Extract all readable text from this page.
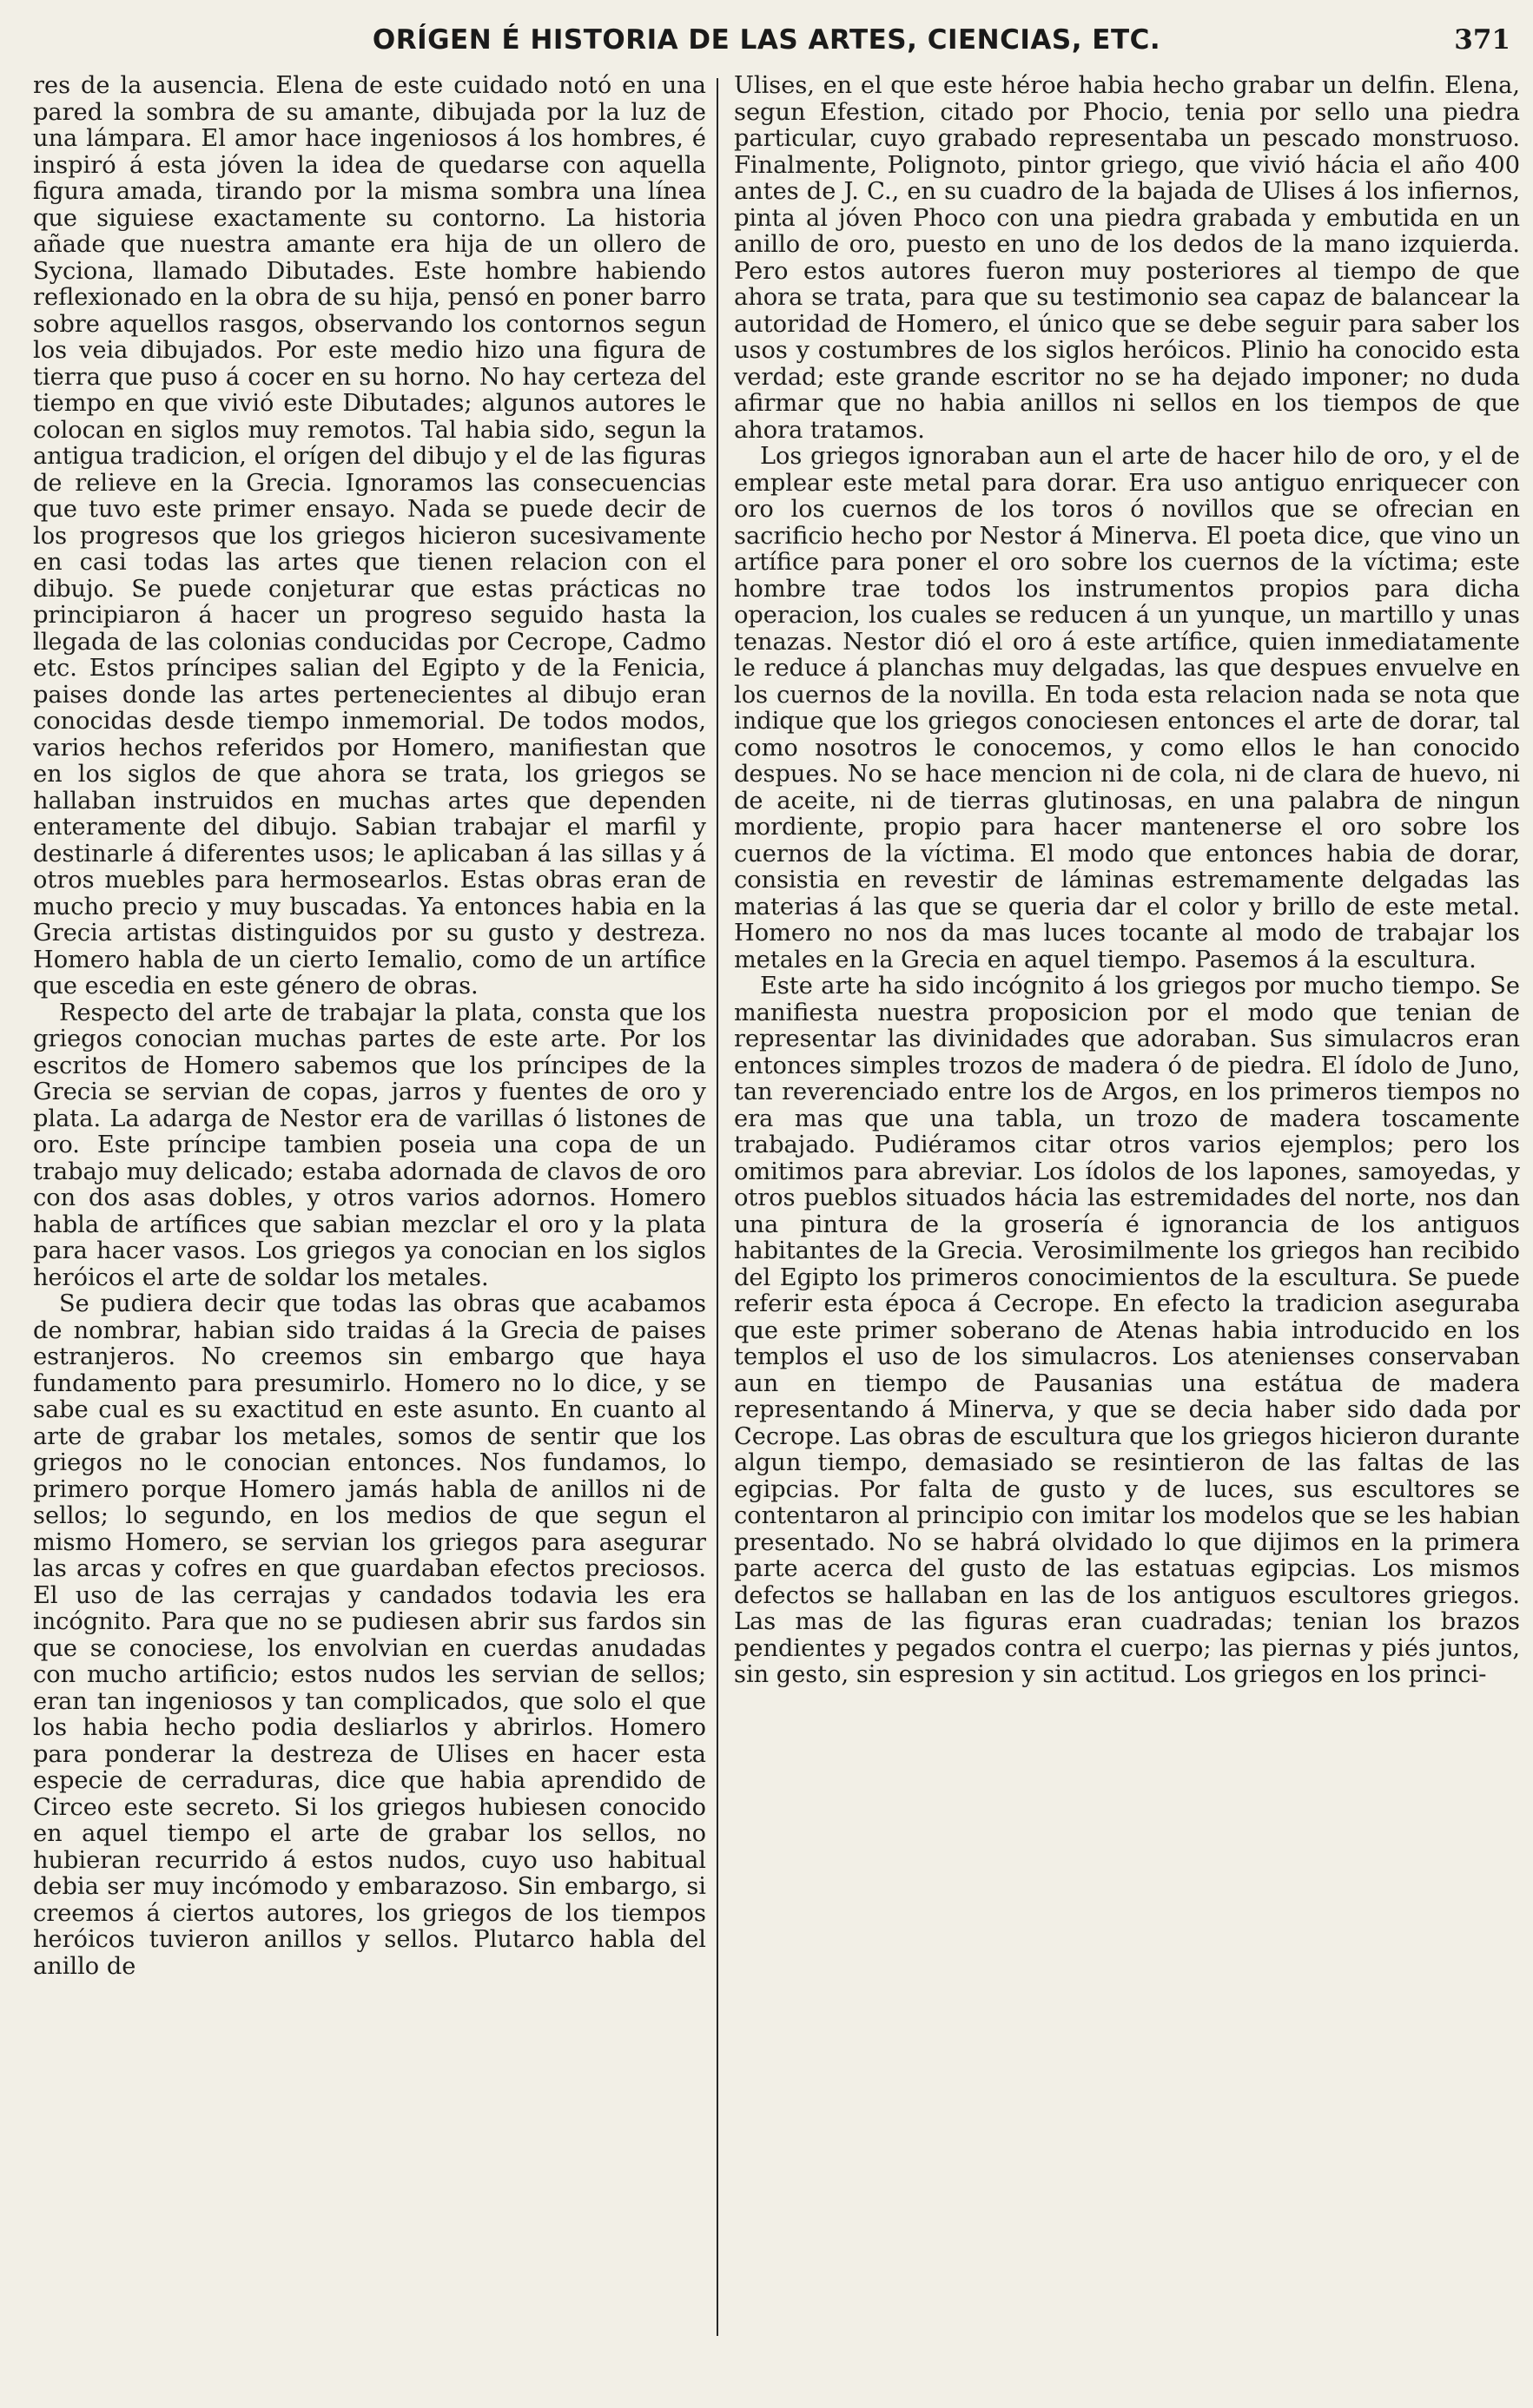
ORÍGEN É HISTORIA DE LAS ARTES, CIENCIAS, ETC.	371

res de la ausencia. Elena de este cuidado notó en una pared la sombra de su amante, dibujada por la luz de una lámpara. El amor hace ingeniosos á los hombres, é inspiró á esta jóven la idea de quedarse con aquella figura amada, tirando por la misma sombra una línea que siguiese exactamente su contorno. La historia añade que nuestra amante era hija de un ollero de Syciona, llamado Dibutades. Este hombre habiendo reflexionado en la obra de su hija, pensó en poner barro sobre aquellos rasgos, observando los contornos segun los veia dibujados. Por este medio hizo una figura de tierra que puso á cocer en su horno. No hay certeza del tiempo en que vivió este Dibutades; algunos autores le colocan en siglos muy remotos. Tal habia sido, segun la antigua tradicion, el orígen del dibujo y el de las figuras de relieve en la Grecia. Ignoramos las consecuencias que tuvo este primer ensayo. Nada se puede decir de los progresos que los griegos hicieron sucesivamente en casi todas las artes que tienen relacion con el dibujo. Se puede conjeturar que estas prácticas no principiaron á hacer un progreso seguido hasta la llegada de las colonias conducidas por Cecrope, Cadmo etc. Estos príncipes salian del Egipto y de la Fenicia, paises donde las artes pertenecientes al dibujo eran conocidas desde tiempo inmemorial. De todos modos, varios hechos referidos por Homero, manifiestan que en los siglos de que ahora se trata, los griegos se hallaban instruidos en muchas artes que dependen enteramente del dibujo. Sabian trabajar el marfil y destinarle á diferentes usos; le aplicaban á las sillas y á otros muebles para hermosearlos. Estas obras eran de mucho precio y muy buscadas. Ya entonces habia en la Grecia artistas distinguidos por su gusto y destreza. Homero habla de un cierto Iemalio, como de un artífice que escedia en este género de obras.

Respecto del arte de trabajar la plata, consta que los griegos conocian muchas partes de este arte. Por los escritos de Homero sabemos que los príncipes de la Grecia se servian de copas, jarros y fuentes de oro y plata. La adarga de Nestor era de varillas ó listones de oro. Este príncipe tambien poseia una copa de un trabajo muy delicado; estaba adornada de clavos de oro con dos asas dobles, y otros varios adornos. Homero habla de artífices que sabian mezclar el oro y la plata para hacer vasos. Los griegos ya conocian en los siglos heróicos el arte de soldar los metales.

Se pudiera decir que todas las obras que acabamos de nombrar, habian sido traidas á la Grecia de paises estranjeros. No creemos sin embargo que haya fundamento para presumirlo. Homero no lo dice, y se sabe cual es su exactitud en este asunto. En cuanto al arte de grabar los metales, somos de sentir que los griegos no le conocian entonces. Nos fundamos, lo primero porque Homero jamás habla de anillos ni de sellos; lo segundo, en los medios de que segun el mismo Homero, se servian los griegos para asegurar las arcas y cofres en que guardaban efectos preciosos. El uso de las cerrajas y candados todavia les era incógnito. Para que no se pudiesen abrir sus fardos sin que se conociese, los envolvian en cuerdas anudadas con mucho artificio; estos nudos les servian de sellos; eran tan ingeniosos y tan complicados, que solo el que los habia hecho podia desliarlos y abrirlos. Homero para ponderar la destreza de Ulises en hacer esta especie de cerraduras, dice que habia aprendido de Circeo este secreto. Si los griegos hubiesen conocido en aquel tiempo el arte de grabar los sellos, no hubieran recurrido á estos nudos, cuyo uso habitual debia ser muy incómodo y embarazoso. Sin embargo, si creemos á ciertos autores, los griegos de los tiempos heróicos tuvieron anillos y sellos. Plutarco habla del anillo de

Ulises, en el que este héroe habia hecho grabar un delfin. Elena, segun Efestion, citado por Phocio, tenia por sello una piedra particular, cuyo grabado representaba un pescado monstruoso. Finalmente, Polignoto, pintor griego, que vivió hácia el año 400 antes de J. C., en su cuadro de la bajada de Ulises á los infiernos, pinta al jóven Phoco con una piedra grabada y embutida en un anillo de oro, puesto en uno de los dedos de la mano izquierda. Pero estos autores fueron muy posteriores al tiempo de que ahora se trata, para que su testimonio sea capaz de balancear la autoridad de Homero, el único que se debe seguir para saber los usos y costumbres de los siglos heróicos. Plinio ha conocido esta verdad; este grande escritor no se ha dejado imponer; no duda afirmar que no habia anillos ni sellos en los tiempos de que ahora tratamos.

Los griegos ignoraban aun el arte de hacer hilo de oro, y el de emplear este metal para dorar. Era uso antiguo enriquecer con oro los cuernos de los toros ó novillos que se ofrecian en sacrificio hecho por Nestor á Minerva. El poeta dice, que vino un artífice para poner el oro sobre los cuernos de la víctima; este hombre trae todos los instrumentos propios para dicha operacion, los cuales se reducen á un yunque, un martillo y unas tenazas. Nestor dió el oro á este artífice, quien inmediatamente le reduce á planchas muy delgadas, las que despues envuelve en los cuernos de la novilla. En toda esta relacion nada se nota que indique que los griegos conociesen entonces el arte de dorar, tal como nosotros le conocemos, y como ellos le han conocido despues. No se hace mencion ni de cola, ni de clara de huevo, ni de aceite, ni de tierras glutinosas, en una palabra de ningun mordiente, propio para hacer mantenerse el oro sobre los cuernos de la víctima. El modo que entonces habia de dorar, consistia en revestir de láminas estremamente delgadas las materias á las que se queria dar el color y brillo de este metal. Homero no nos da mas luces tocante al modo de trabajar los metales en la Grecia en aquel tiempo. Pasemos á la escultura.

Este arte ha sido incógnito á los griegos por mucho tiempo. Se manifiesta nuestra proposicion por el modo que tenian de representar las divinidades que adoraban. Sus simulacros eran entonces simples trozos de madera ó de piedra. El ídolo de Juno, tan reverenciado entre los de Argos, en los primeros tiempos no era mas que una tabla, un trozo de madera toscamente trabajado. Pudiéramos citar otros varios ejemplos; pero los omitimos para abreviar. Los ídolos de los lapones, samoyedas, y otros pueblos situados hácia las estremidades del norte, nos dan una pintura de la grosería é ignorancia de los antiguos habitantes de la Grecia. Verosimilmente los griegos han recibido del Egipto los primeros conocimientos de la escultura. Se puede referir esta época á Cecrope. En efecto la tradicion aseguraba que este primer soberano de Atenas habia introducido en los templos el uso de los simulacros. Los atenienses conservaban aun en tiempo de Pausanias una estátua de madera representando á Minerva, y que se decia haber sido dada por Cecrope. Las obras de escultura que los griegos hicieron durante algun tiempo, demasiado se resintieron de las faltas de las egipcias. Por falta de gusto y de luces, sus escultores se contentaron al principio con imitar los modelos que se les habian presentado. No se habrá olvidado lo que dijimos en la primera parte acerca del gusto de las estatuas egipcias. Los mismos defectos se hallaban en las de los antiguos escultores griegos. Las mas de las figuras eran cuadradas; tenian los brazos pendientes y pegados contra el cuerpo; las piernas y piés juntos, sin gesto, sin espresion y sin actitud. Los griegos en los princi-
